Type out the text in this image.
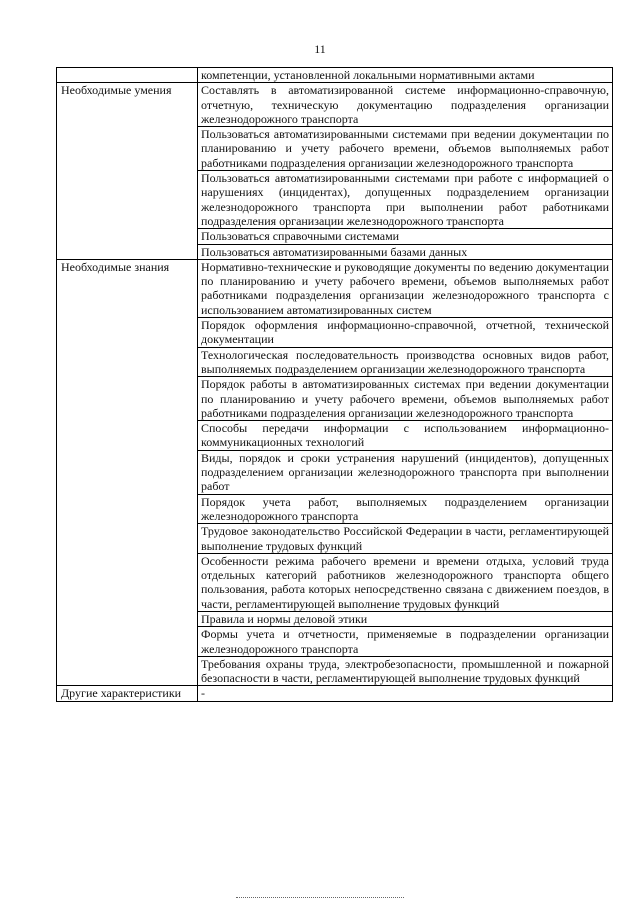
11
	компетенции, установленной локальными нормативными актами
Необходимые умения	Составлять в автоматизированной системе информационно-справочную, отчетную, техническую документацию подразделения организации железнодорожного транспорта
	Пользоваться автоматизированными системами при ведении документации по планированию и учету рабочего времени, объемов выполняемых работ работниками подразделения организации железнодорожного транспорта
	Пользоваться автоматизированными системами при работе с информацией о нарушениях (инцидентах), допущенных подразделением организации железнодорожного транспорта при выполнении работ работниками подразделения организации железнодорожного транспорта
	Пользоваться справочными системами
	Пользоваться автоматизированными базами данных
Необходимые знания	Нормативно-технические и руководящие документы по ведению документации по планированию и учету рабочего времени, объемов выполняемых работ работниками подразделения организации железнодорожного транспорта с использованием автоматизированных систем
	Порядок оформления информационно-справочной, отчетной, технической документации
	Технологическая последовательность производства основных видов работ, выполняемых подразделением организации железнодорожного транспорта
	Порядок работы в автоматизированных системах при ведении документации по планированию и учету рабочего времени, объемов выполняемых работ работниками подразделения организации железнодорожного транспорта
	Способы передачи информации с использованием информационно-коммуникационных технологий
	Виды, порядок и сроки устранения нарушений (инцидентов), допущенных подразделением организации железнодорожного транспорта при выполнении работ
	Порядок учета работ, выполняемых подразделением организации железнодорожного транспорта
	Трудовое законодательство Российской Федерации в части, регламентирующей выполнение трудовых функций
	Особенности режима рабочего времени и времени отдыха, условий труда отдельных категорий работников железнодорожного транспорта общего пользования, работа которых непосредственно связана с движением поездов, в части, регламентирующей выполнение трудовых функций
	Правила и нормы деловой этики
	Формы учета и отчетности, применяемые в подразделении организации железнодорожного транспорта
	Требования охраны труда, электробезопасности, промышленной и пожарной безопасности в части, регламентирующей выполнение трудовых функций
Другие характеристики	-
